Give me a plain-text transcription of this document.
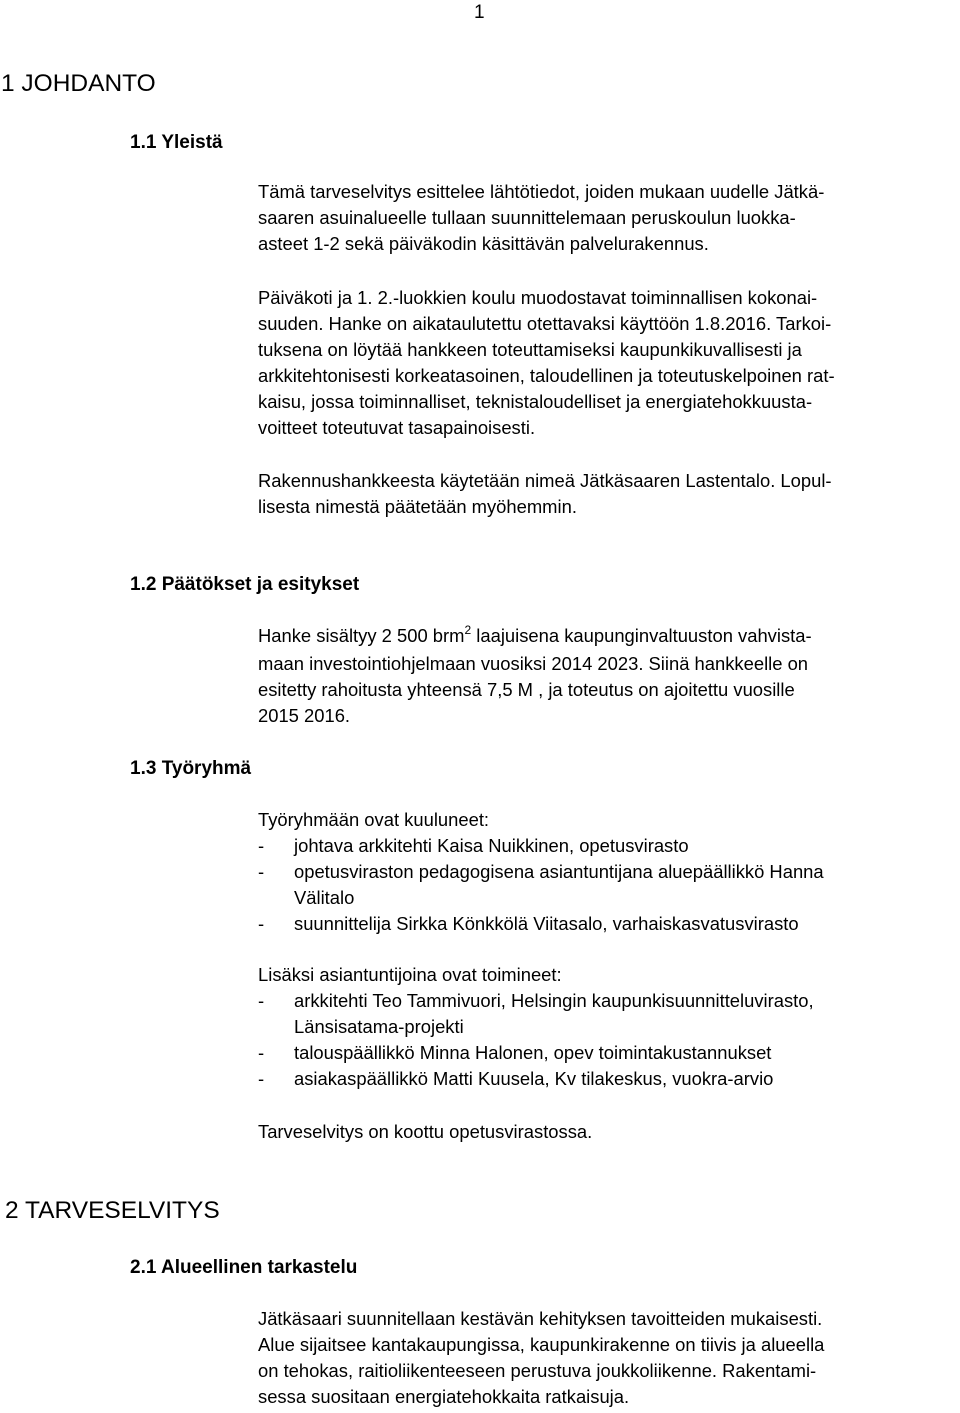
1
1 JOHDANTO
1.1 Yleistä
Tämä tarveselvitys esittelee lähtötiedot, joiden mukaan uudelle Jätkä-
saaren asuinalueelle tullaan suunnittelemaan peruskoulun luokka-
asteet 1-2 sekä päiväkodin käsittävän palvelurakennus.
Päiväkoti ja 1. 2.-luokkien koulu muodostavat toiminnallisen kokonai-
suuden. Hanke on aikataulutettu otettavaksi käyttöön 1.8.2016. Tarkoi-
tuksena on löytää hankkeen toteuttamiseksi kaupunkikuvallisesti ja
arkkitehtonisesti korkeatasoinen, taloudellinen ja toteutuskelpoinen rat-
kaisu, jossa toiminnalliset, teknistaloudelliset ja energiatehokkuusta-
voitteet toteutuvat tasapainoisesti.
Rakennushankkeesta käytetään nimeä Jätkäsaaren Lastentalo. Lopul-
lisesta nimestä päätetään myöhemmin.
1.2 Päätökset ja esitykset
Hanke sisältyy 2 500 brm$^2$ laajuisena kaupunginvaltuuston vahvista-
maan investointiohjelmaan vuosiksi 2014 2023. Siinä hankkeelle on
esitetty rahoitusta yhteensä 7,5 M , ja toteutus on ajoitettu vuosille
2015 2016.
1.3 Työryhmä
Työryhmään ovat kuuluneet:
- johtava arkkitehti Kaisa Nuikkinen, opetusvirasto
- opetusviraston pedagogisena asiantuntijana aluepäällikkö Hanna
Välitalo
- suunnittelija Sirkka Könkkölä Viitasalo, varhaiskasvatusvirasto
Lisäksi asiantuntijoina ovat toimineet:
- arkkitehti Teo Tammivuori, Helsingin kaupunkisuunnitteluvirasto,
Länsisatama-projekti
- talouspäällikkö Minna Halonen, opev toimintakustannukset
- asiakaspäällikkö Matti Kuusela, Kv tilakeskus, vuokra-arvio
Tarveselvitys on koottu opetusvirastossa.
2 TARVESELVITYS
2.1 Alueellinen tarkastelu
Jätkäsaari suunnitellaan kestävän kehityksen tavoitteiden mukaisesti.
Alue sijaitsee kantakaupungissa, kaupunkirakenne on tiivis ja alueella
on tehokas, raitioliikenteeseen perustuva joukkoliikenne. Rakentami-
sessa suositaan energiatehokkaita ratkaisuja.
